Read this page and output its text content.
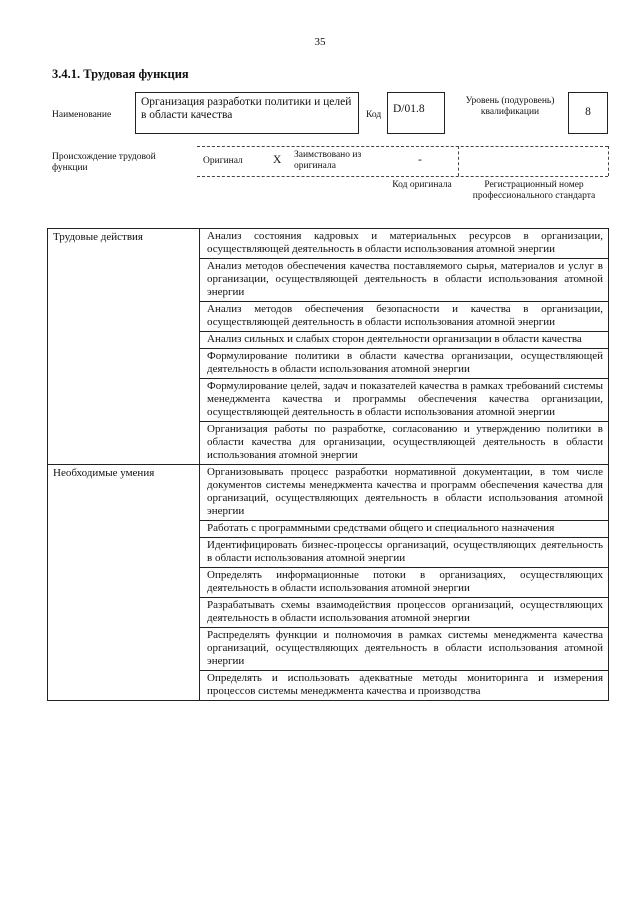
35
3.4.1. Трудовая функция
Наименование
Организация разработки политики и целей в области качества	Код	D/01.8
Уровень (подуровень) квалификации	8
Происхождение трудовой функции
Оригинал	X Заимствовано из оригинала	-
Код оригинала	Регистрационный номер профессионального стандарта
Трудовые действия	Анализ состояния кадровых и материальных ресурсов в организации, осуществляющей деятельность в области использования атомной энергии
	Анализ методов обеспечения качества поставляемого сырья, материалов и услуг в организации, осуществляющей деятельность в области использования атомной энергии
	Анализ методов обеспечения безопасности и качества в организации, осуществляющей деятельность в области использования атомной энергии
	Анализ сильных и слабых сторон деятельности организации в области качества
	Формулирование политики в области качества организации, осуществляющей деятельность в области использования атомной энергии
	Формулирование целей, задач и показателей качества в рамках требований системы менеджмента качества и программы обеспечения качества организации, осуществляющей деятельность в области использования атомной энергии
	Организация работы по разработке, согласованию и утверждению политики в области качества для организации, осуществляющей деятельность в области использования атомной энергии
Необходимые умения	Организовывать процесс разработки нормативной документации, в том числе документов системы менеджмента качества и программ обеспечения качества для организаций, осуществляющих деятельность в области использования атомной энергии
	Работать с программными средствами общего и специального назначения
	Идентифицировать бизнес-процессы организаций, осуществляющих деятельность в области использования атомной энергии
	Определять информационные потоки в организациях, осуществляющих деятельность в области использования атомной энергии
	Разрабатывать схемы взаимодействия процессов организаций, осуществляющих деятельность в области использования атомной энергии
	Распределять функции и полномочия в рамках системы менеджмента качества организаций, осуществляющих деятельность в области использования атомной энергии
	Определять и использовать адекватные методы мониторинга и измерения процессов системы менеджмента качества и производства
